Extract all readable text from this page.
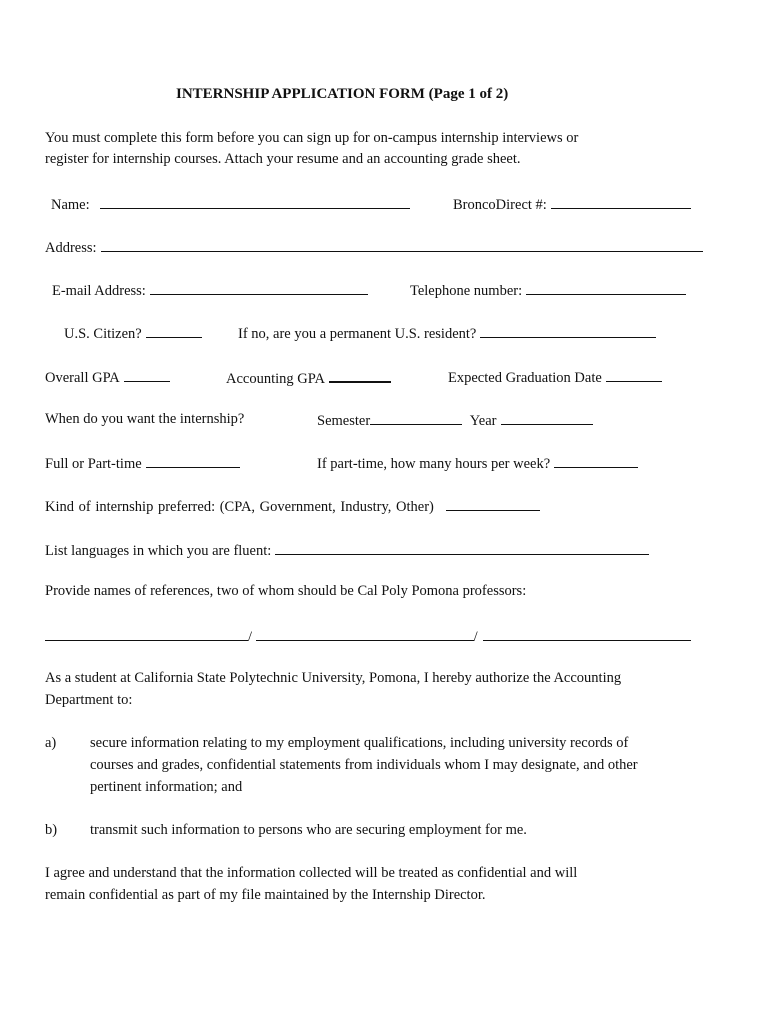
INTERNSHIP APPLICATION FORM (Page 1 of 2)
You must complete this form before you can sign up for on-campus internship interviews or
register for internship courses. Attach your resume and an accounting grade sheet.
Name:	BroncoDirect #:
Address:
E-mail Address:	Telephone number:
U.S. Citizen?	If no, are you a permanent U.S. resident?
Overall GPA	Accounting GPA	Expected Graduation Date
When do you want the internship?	Semester	Year
Full or Part-time	If part-time, how many hours per week?
Kind of internship preferred: (CPA, Government, Industry, Other)
List languages in which you are fluent:
Provide names of references, two of whom should be Cal Poly Pomona professors:
/	/
As a student at California State Polytechnic University, Pomona, I hereby authorize the Accounting
Department to:
a) secure information relating to my employment qualifications, including university records of
courses and grades, confidential statements from individuals whom I may designate, and other
pertinent information; and
b) transmit such information to persons who are securing employment for me.
I agree and understand that the information collected will be treated as confidential and will
remain confidential as part of my file maintained by the Internship Director.
